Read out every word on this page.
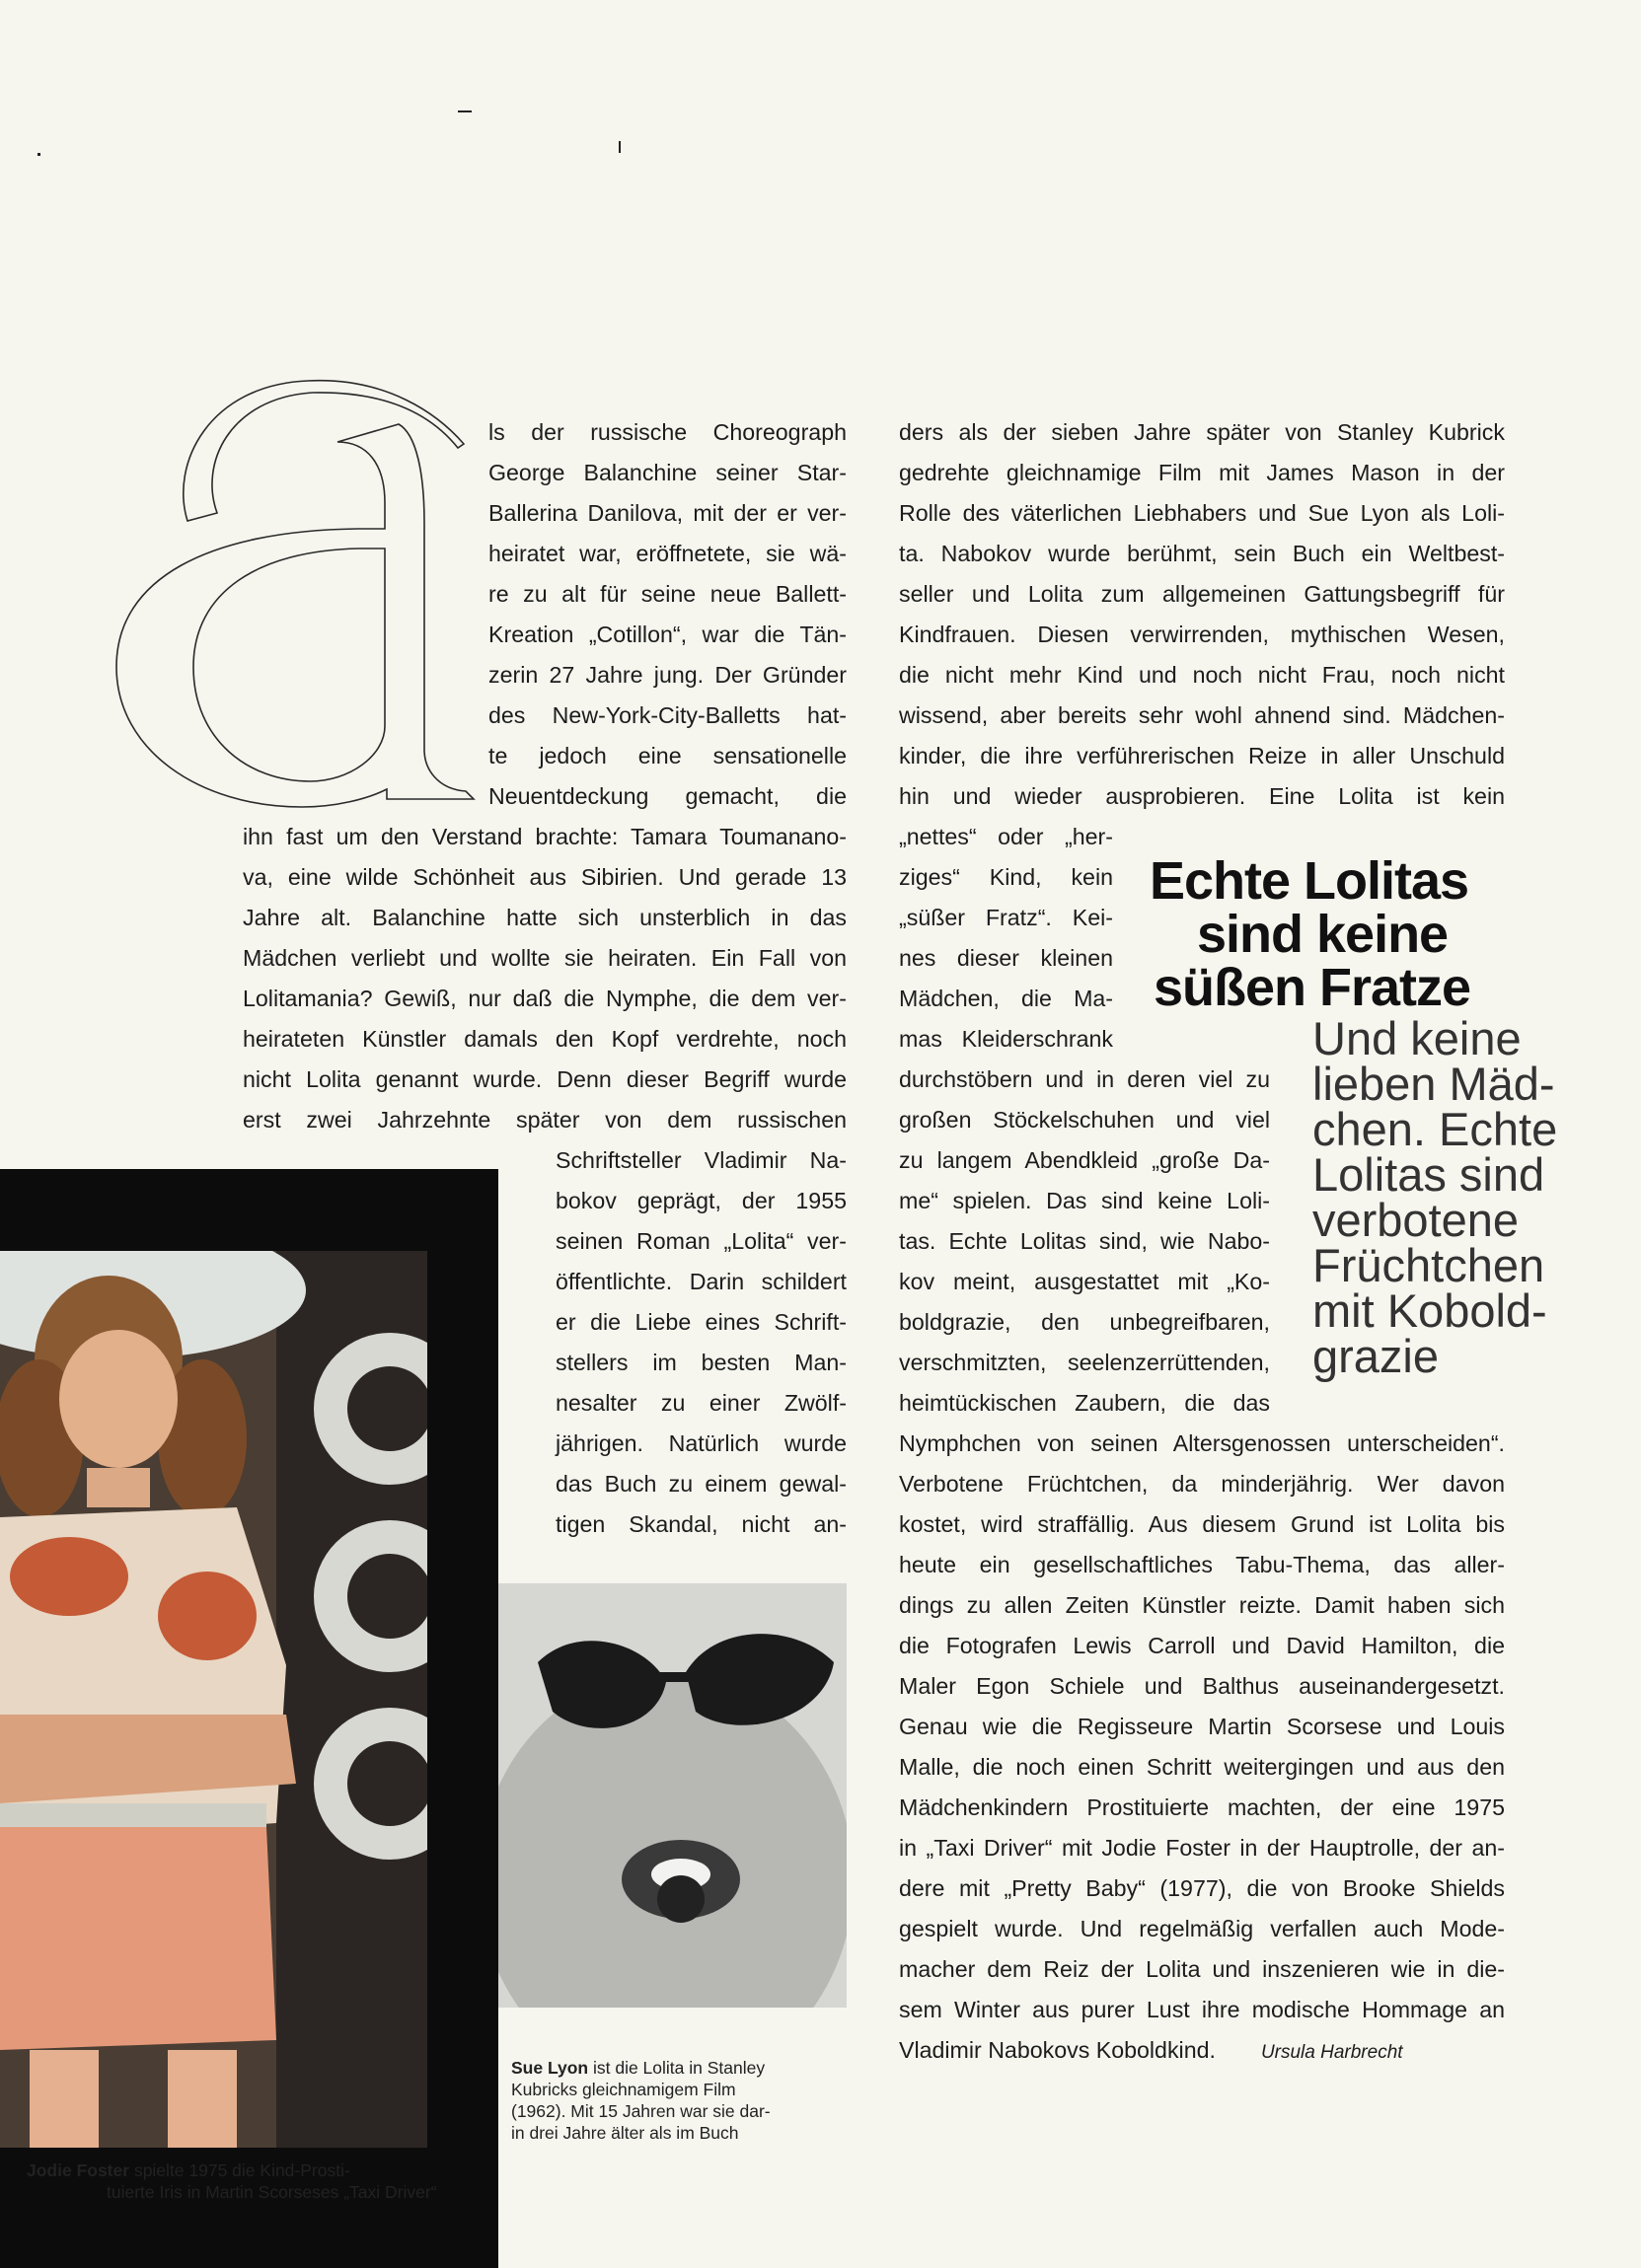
ls der russische Choreograph
George Balanchine seiner Star-
Ballerina Danilova, mit der er ver-
heiratet war, eröffnetete, sie wä-
re zu alt für seine neue Ballett-
Kreation „Cotillon“, war die Tän-
zerin 27 Jahre jung. Der Gründer
des New-York-City-Balletts hat-
te jedoch eine sensationelle
Neuentdeckung gemacht, die
ihn fast um den Verstand brachte: Tamara Toumananо-
va, eine wilde Schönheit aus Sibirien. Und gerade 13
Jahre alt. Balanchine hatte sich unsterblich in das
Mädchen verliebt und wollte sie heiraten. Ein Fall von
Lolitamania? Gewiß, nur daß die Nymphe, die dem ver-
heirateten Künstler damals den Kopf verdrehte, noch
nicht Lolita genannt wurde. Denn dieser Begriff wurde
erst zwei Jahrzehnte später von dem russischen
Schriftsteller Vladimir Na-
bokov geprägt, der 1955
seinen Roman „Lolita“ ver-
öffentlichte. Darin schildert
er die Liebe eines Schrift-
stellers im besten Man-
nesalter zu einer Zwölf-
jährigen. Natürlich wurde
das Buch zu einem gewal-
tigen Skandal, nicht an-
ders als der sieben Jahre später von Stanley Kubrick
gedrehte gleichnamige Film mit James Mason in der
Rolle des väterlichen Liebhabers und Sue Lyon als Loli-
ta. Nabokov wurde berühmt, sein Buch ein Weltbest-
seller und Lolita zum allgemeinen Gattungsbegriff für
Kindfrauen. Diesen verwirrenden, mythischen Wesen,
die nicht mehr Kind und noch nicht Frau, noch nicht
wissend, aber bereits sehr wohl ahnend sind. Mädchen-
kinder, die ihre verführerischen Reize in aller Unschuld
hin und wieder ausprobieren. Eine Lolita ist kein
„nettes“ oder „her-
ziges“ Kind, kein
„süßer Fratz“. Kei-
nes dieser kleinen
Mädchen, die Ma-
mas Kleiderschrank
durchstöbern und in deren viel zu
großen Stöckelschuhen und viel
zu langem Abendkleid „große Da-
me“ spielen. Das sind keine Loli-
tas. Echte Lolitas sind, wie Nabo-
kov meint, ausgestattet mit „Ko-
boldgrazie, den unbegreifbaren,
verschmitzten, seelenzerrüttenden,
heimtückischen Zaubern, die das
Nymphchen von seinen Altersgenossen unterscheiden“.
Verbotene Früchtchen, da minderjährig. Wer davon
kostet, wird straffällig. Aus diesem Grund ist Lolita bis
heute ein gesellschaftliches Tabu-Thema, das aller-
dings zu allen Zeiten Künstler reizte. Damit haben sich
die Fotografen Lewis Carroll und David Hamilton, die
Maler Egon Schiele und Balthus auseinandergesetzt.
Genau wie die Regisseure Martin Scorsese und Louis
Malle, die noch einen Schritt weitergingen und aus den
Mädchenkindern Prostituierte machten, der eine 1975
in „Taxi Driver“ mit Jodie Foster in der Hauptrolle, der an-
dere mit „Pretty Baby“ (1977), die von Brooke Shields
gespielt wurde. Und regelmäßig verfallen auch Mode-
macher dem Reiz der Lolita und inszenieren wie in die-
sem Winter aus purer Lust ihre modische Hommage an
Vladimir Nabokovs Koboldkind. Ursula Harbrecht
Echte Lolitas
sind keine
süßen Fratze
Und keine
lieben Mäd-
chen. Echte
Lolitas sind
verbotene
Früchtchen
mit Kobold-
grazie
Jodie Foster spielte 1975 die Kind-Prosti-
tuierte Iris in Martin Scorseses „Taxi Driver“
Sue Lyon ist die Lolita in Stanley
Kubricks gleichnamigem Film
(1962). Mit 15 Jahren war sie dar-
in drei Jahre älter als im Buch
